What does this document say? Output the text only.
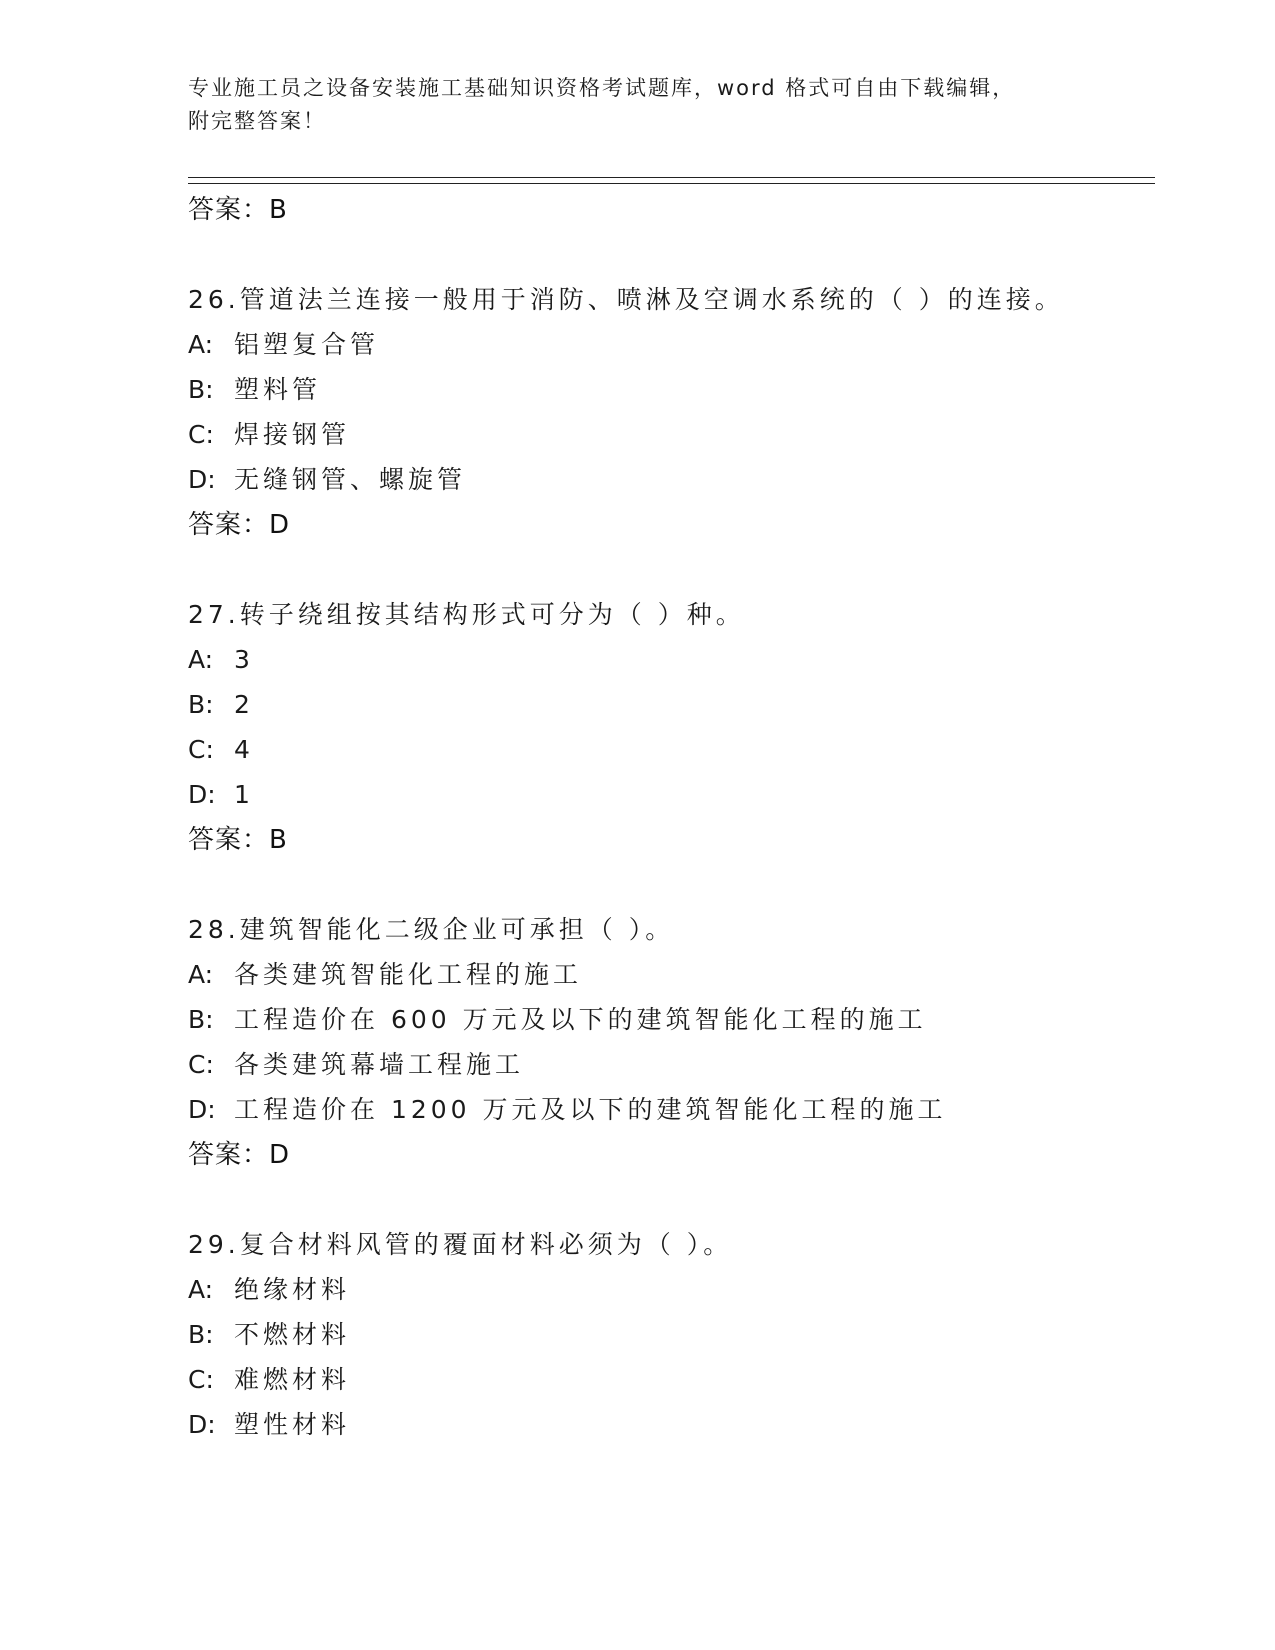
专业施工员之设备安装施工基础知识资格考试题库，word 格式可自由下载编辑，
附完整答案！
答案：B
26.管道法兰连接一般用于消防、喷淋及空调水系统的（ ）的连接。
A: 铝塑复合管
B: 塑料管
C: 焊接钢管
D: 无缝钢管、螺旋管
答案：D
27.转子绕组按其结构形式可分为（ ）种。
A: 3
B: 2
C: 4
D: 1
答案：B
28.建筑智能化二级企业可承担（ ）。
A: 各类建筑智能化工程的施工
B: 工程造价在 600 万元及以下的建筑智能化工程的施工
C: 各类建筑幕墙工程施工
D: 工程造价在 1200 万元及以下的建筑智能化工程的施工
答案：D
29.复合材料风管的覆面材料必须为（ ）。
A: 绝缘材料
B: 不燃材料
C: 难燃材料
D: 塑性材料
